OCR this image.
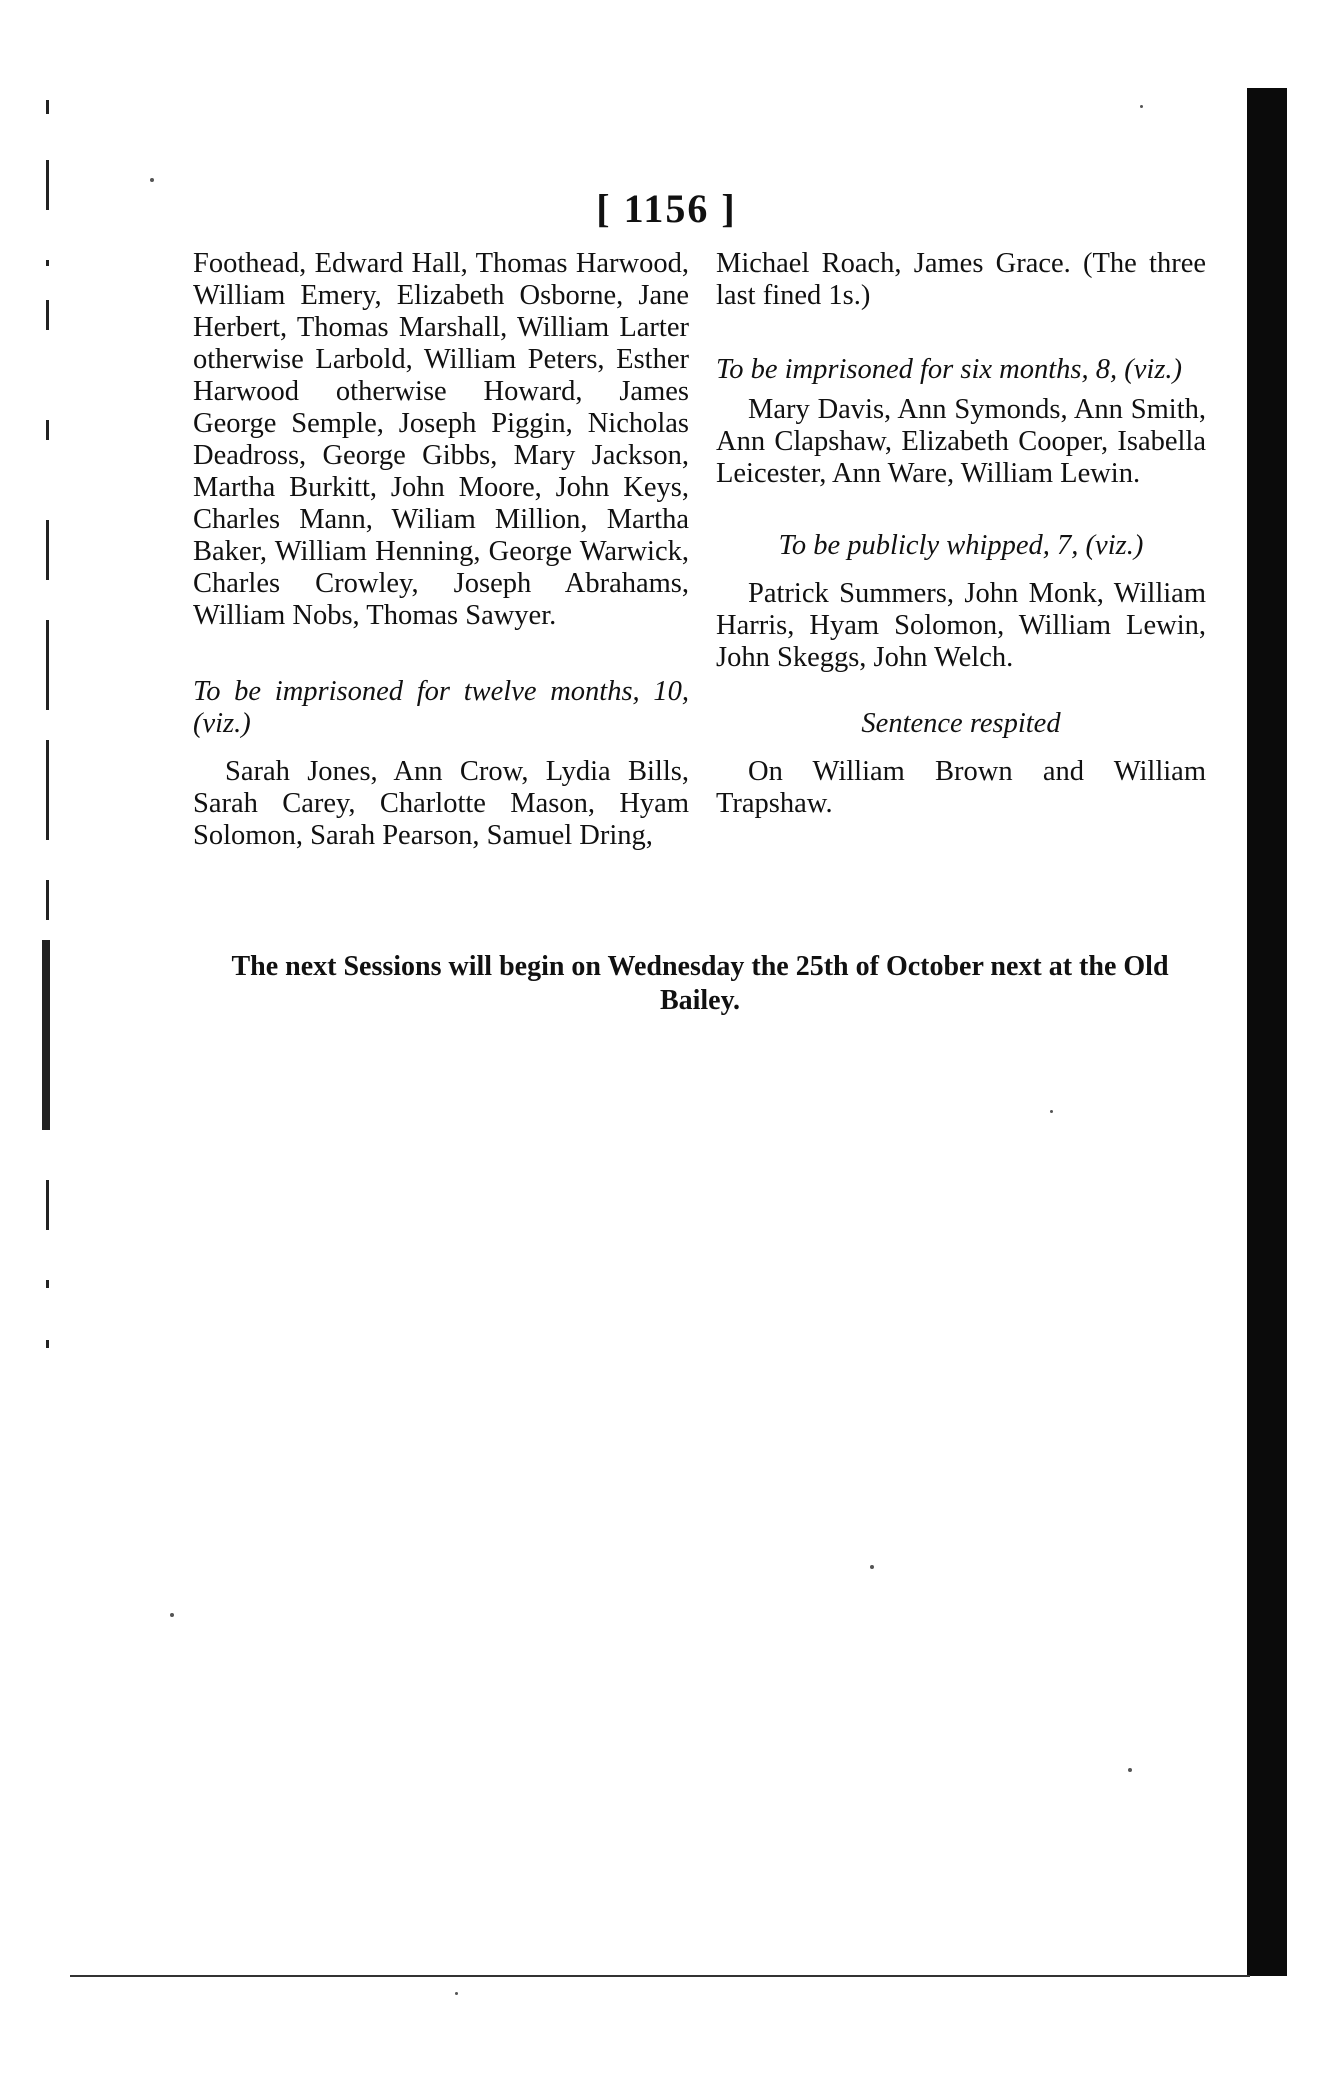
[ 1156 ]

Foothead, Edward Hall, Thomas Harwood, William Emery, Elizabeth Osborne, Jane Herbert, Thomas Marshall, William Larter otherwise Larbold, William Peters, Esther Harwood otherwise Howard, James George Semple, Joseph Piggin, Nicholas Deadross, George Gibbs, Mary Jackson, Martha Burkitt, John Moore, John Keys, Charles Mann, Wiliam Million, Martha Baker, William Henning, George Warwick, Charles Crowley, Joseph Abrahams, William Nobs, Thomas Sawyer.

To be imprisoned for twelve months, 10, (viz.)

Sarah Jones, Ann Crow, Lydia Bills, Sarah Carey, Charlotte Mason, Hyam Solomon, Sarah Pearson, Samuel Dring,

Michael Roach, James Grace. (The three last fined 1s.)

To be imprisoned for six months, 8, (viz.)

Mary Davis, Ann Symonds, Ann Smith, Ann Clapshaw, Elizabeth Cooper, Isabella Leicester, Ann Ware, William Lewin.

To be publicly whipped, 7, (viz.)

Patrick Summers, John Monk, William Harris, Hyam Solomon, William Lewin, John Skeggs, John Welch.

Sentence respited

On William Brown and William Trapshaw.

The next Sessions will begin on Wednesday the 25th of October next at the Old Bailey.
